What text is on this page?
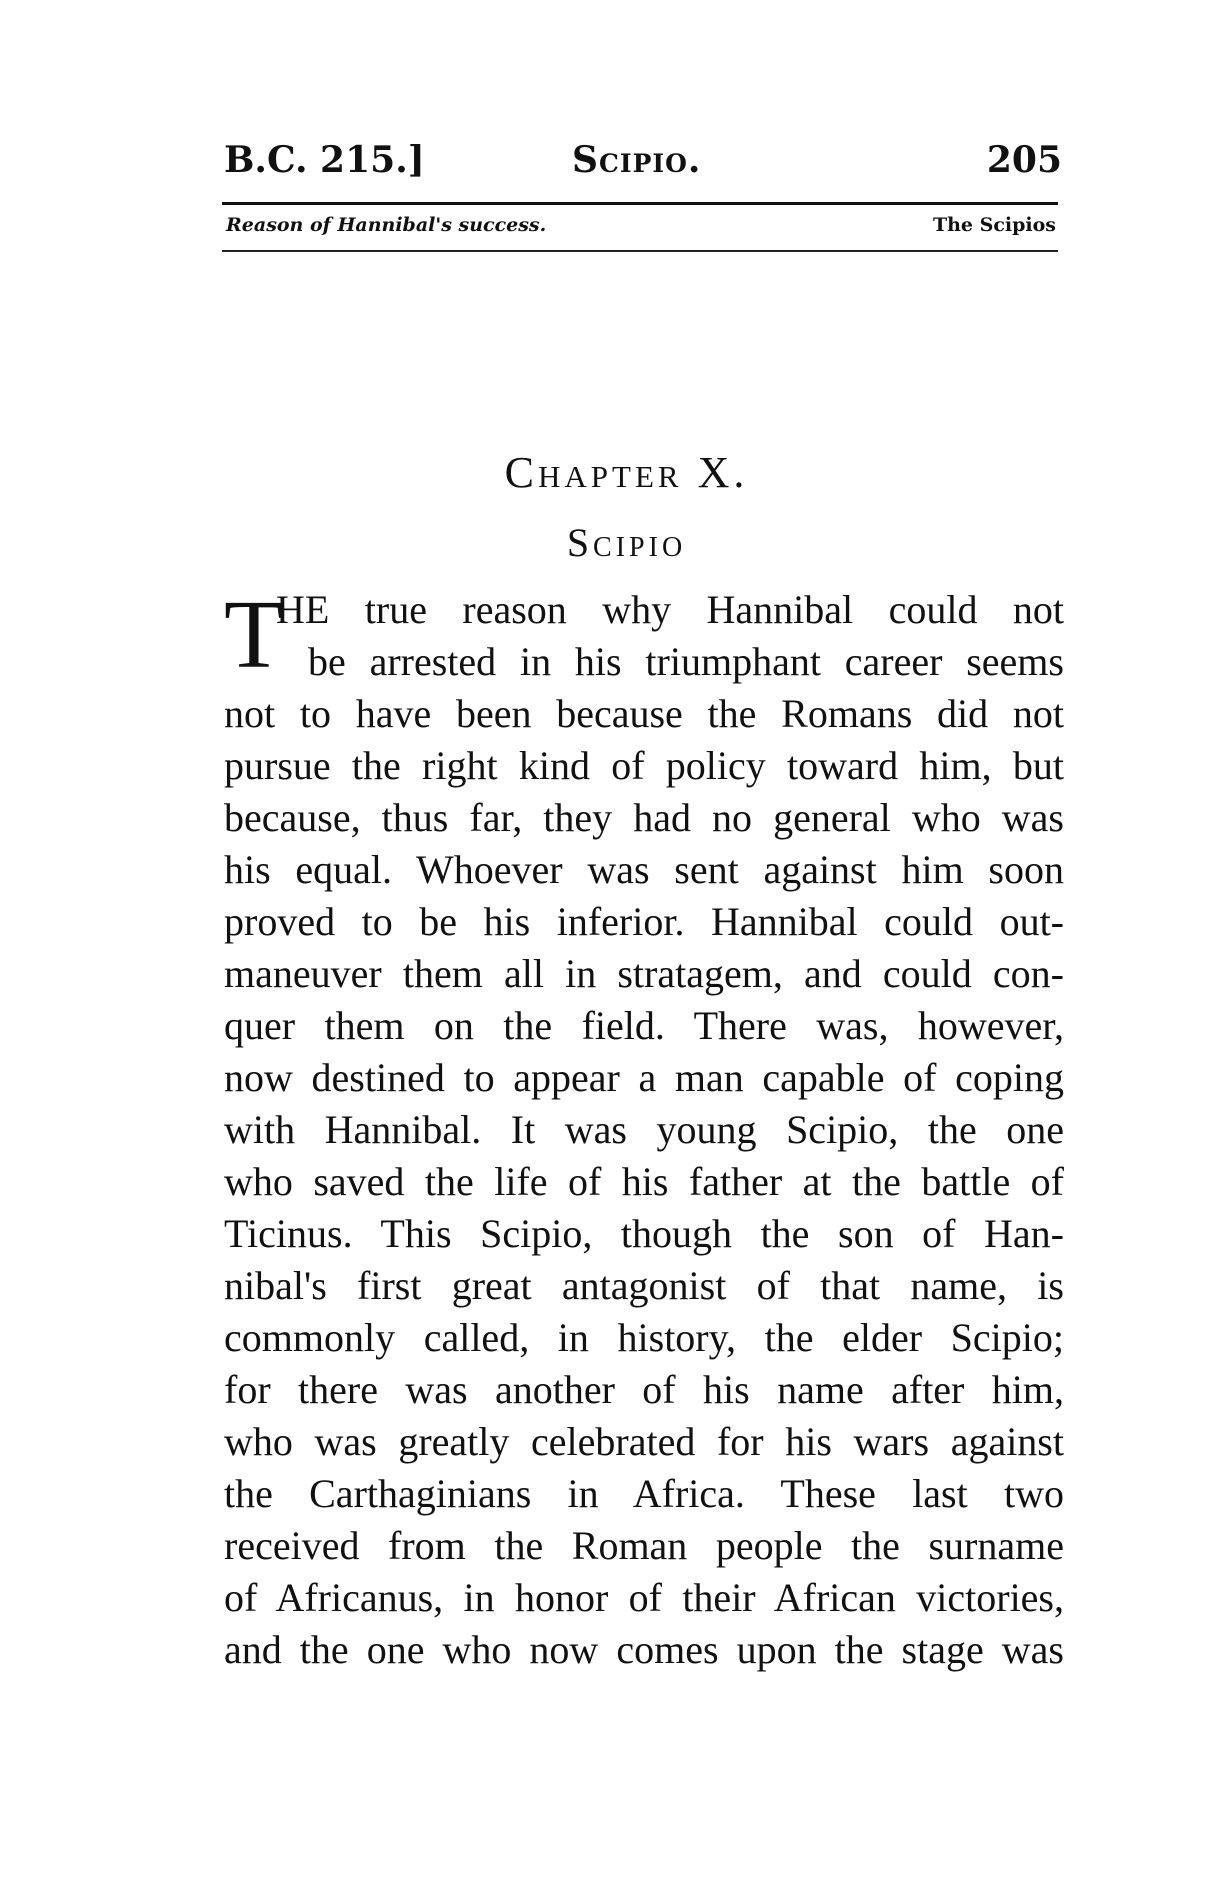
B.C. 215.]	Scipio.	205
Reason of Hannibal's success.	The Scipios
Chapter X.
Scipio
T
HE true reason why Hannibal could not
be arrested in his triumphant career seems
not to have been because the Romans did not
pursue the right kind of policy toward him, but
because, thus far, they had no general who was
his equal. Whoever was sent against him soon
proved to be his inferior. Hannibal could out-
maneuver them all in stratagem, and could con-
quer them on the field. There was, however,
now destined to appear a man capable of coping
with Hannibal. It was young Scipio, the one
who saved the life of his father at the battle of
Ticinus. This Scipio, though the son of Han-
nibal's first great antagonist of that name, is
commonly called, in history, the elder Scipio;
for there was another of his name after him,
who was greatly celebrated for his wars against
the Carthaginians in Africa. These last two
received from the Roman people the surname
of Africanus, in honor of their African victories,
and the one who now comes upon the stage was
